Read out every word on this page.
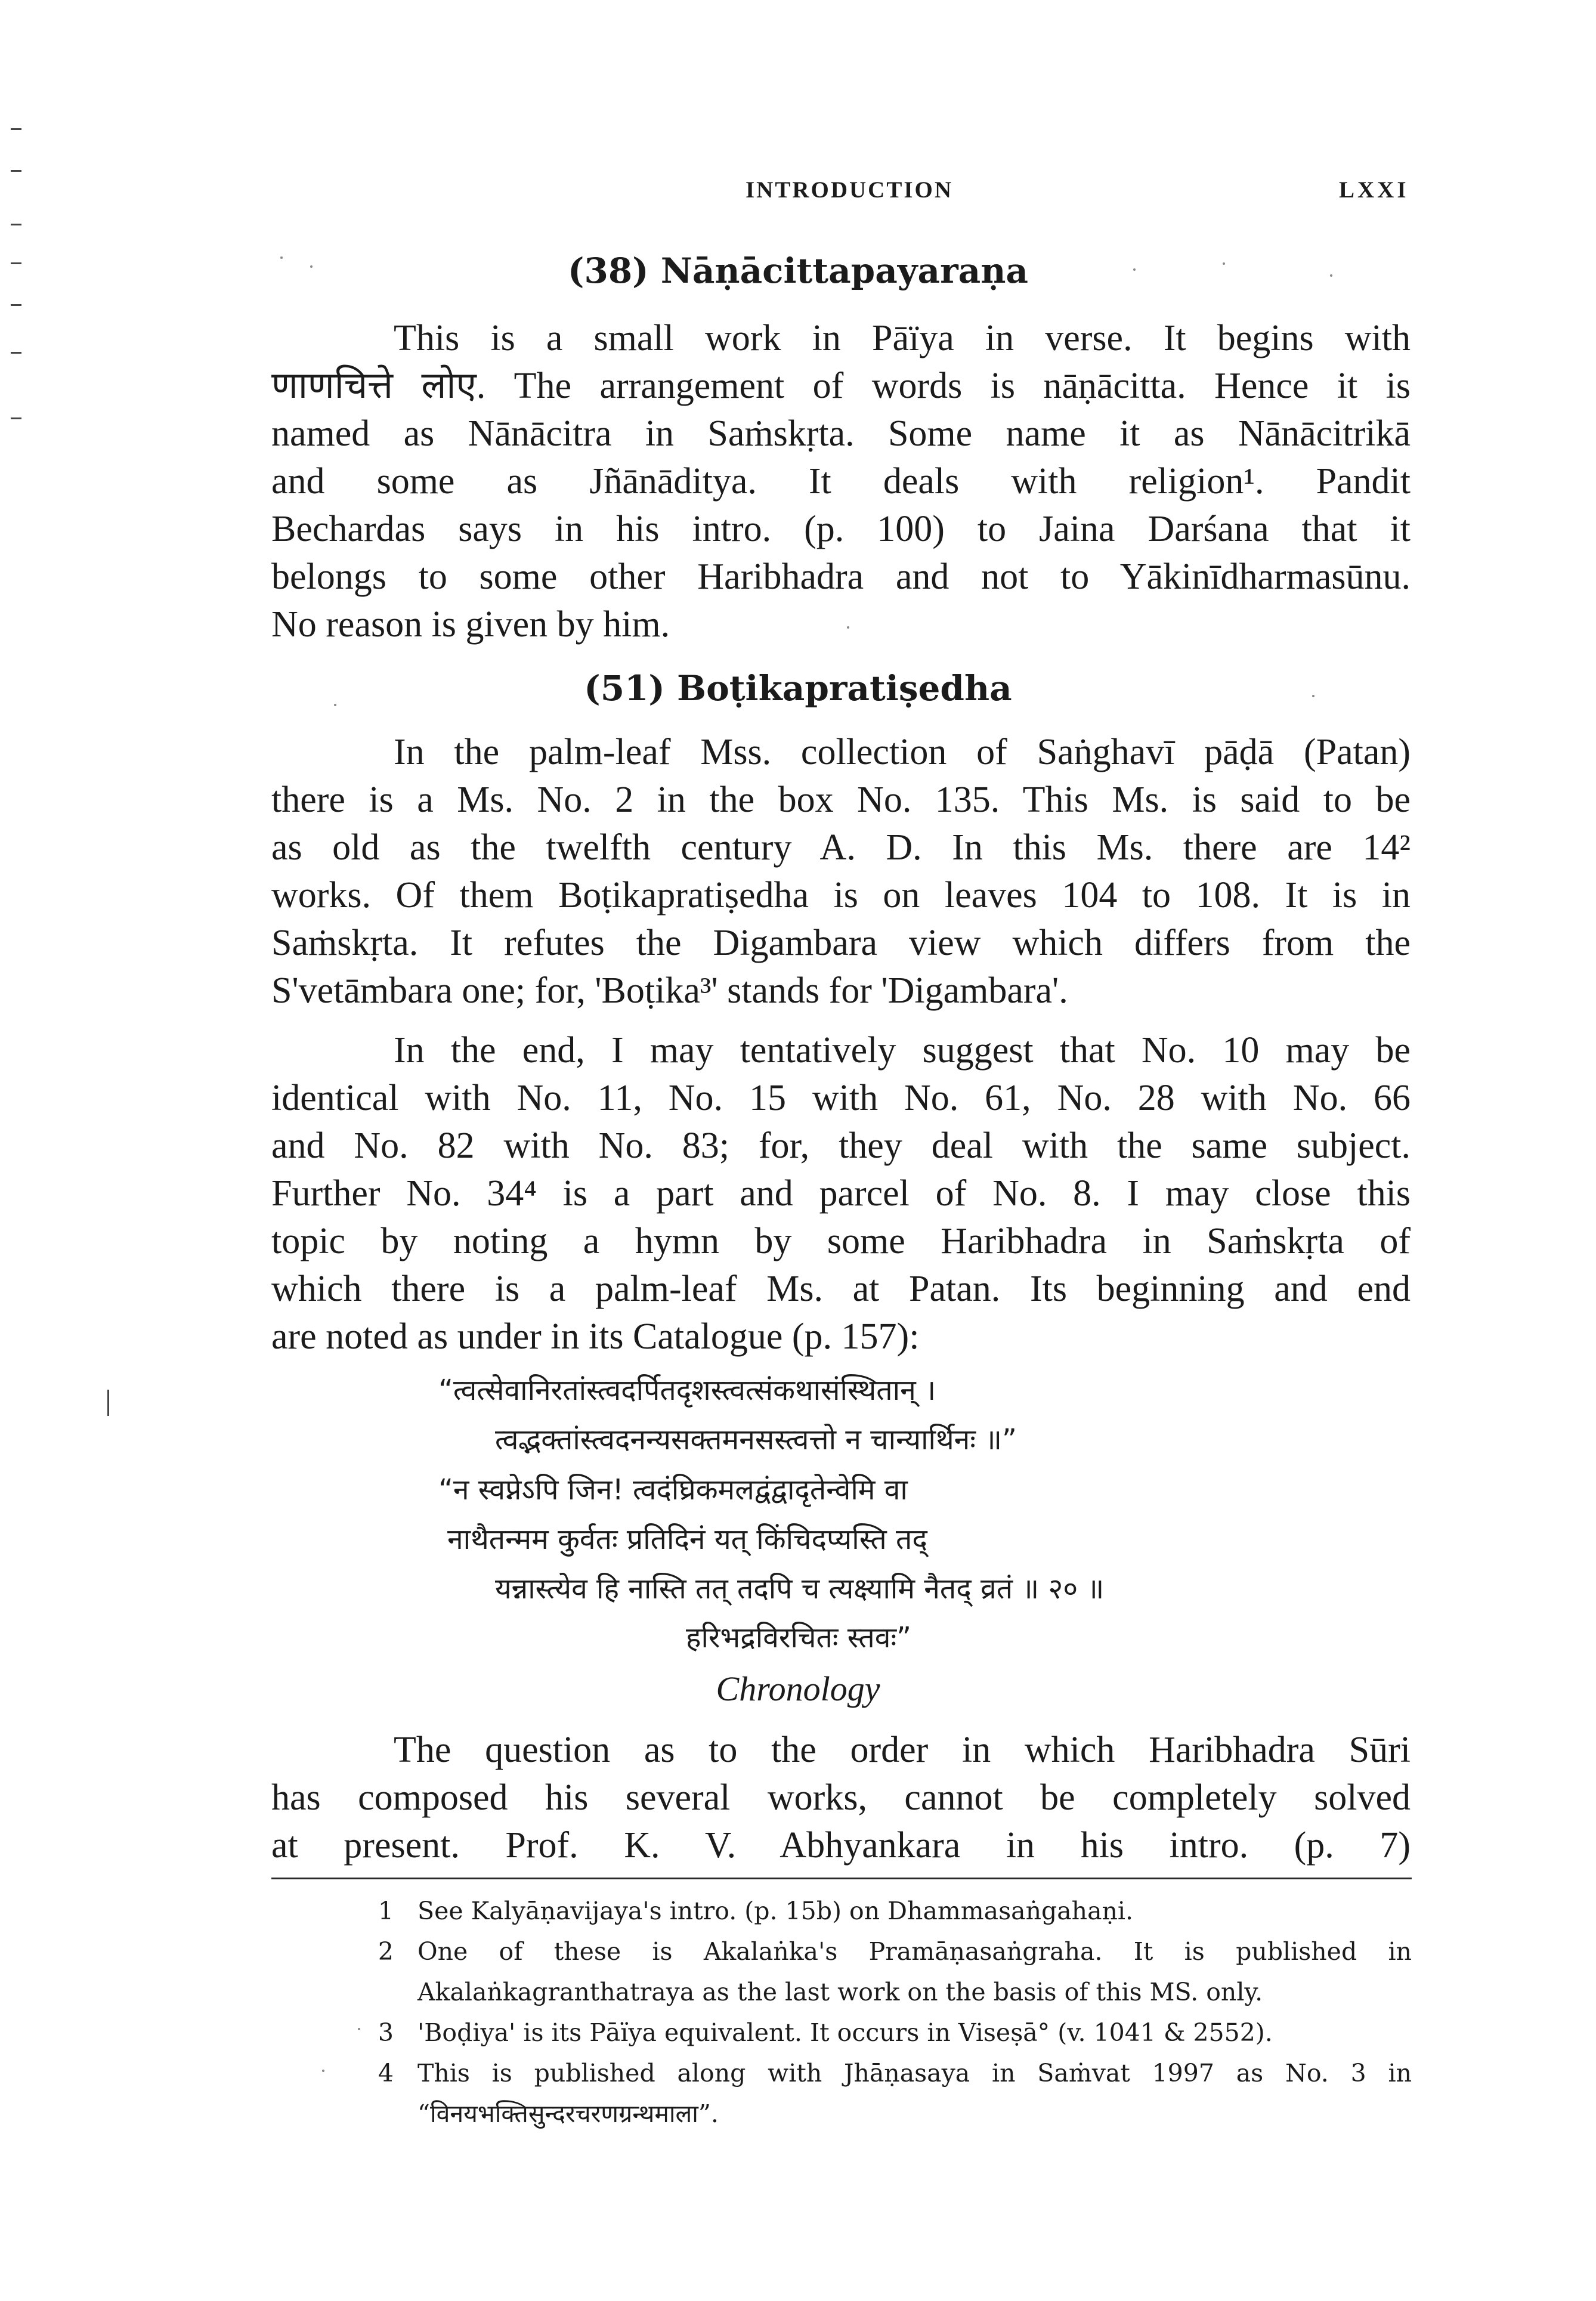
INTRODUCTION	LXXI
(38) Nāṇācittapayaraṇa
This is a small work in Pāïya in verse. It begins with
णाणचित्ते लोए. The arrangement of words is nāṇācitta. Hence it is
named as Nānācitra in Saṁskṛta. Some name it as Nānācitrikā
and some as Jñānāditya. It deals with religion¹. Pandit
Bechardas says in his intro. (p. 100) to Jaina Darśana that it
belongs to some other Haribhadra and not to Yākinīdharmasūnu.
No reason is given by him.
(51) Boṭikapratiṣedha
In the palm-leaf Mss. collection of Saṅghavī pāḍā (Patan)
there is a Ms. No. 2 in the box No. 135. This Ms. is said to be
as old as the twelfth century A. D. In this Ms. there are 14²
works. Of them Boṭikapratiṣedha is on leaves 104 to 108. It is in
Saṁskṛta. It refutes the Digambara view which differs from the
S'vetāmbara one; for, 'Boṭika³' stands for 'Digambara'.
In the end, I may tentatively suggest that No. 10 may be
identical with No. 11, No. 15 with No. 61, No. 28 with No. 66
and No. 82 with No. 83; for, they deal with the same subject.
Further No. 34⁴ is a part and parcel of No. 8. I may close this
topic by noting a hymn by some Haribhadra in Saṁskṛta of
which there is a palm-leaf Ms. at Patan. Its beginning and end
are noted as under in its Catalogue (p. 157):
“त्वत्सेवानिरतांस्त्वदर्पितदृशस्त्वत्संकथासंस्थितान् ।
त्वद्भक्तांस्त्वदनन्यसक्तमनसस्त्वत्तो न चान्यार्थिनः ॥”
“न स्वप्नेऽपि जिन! त्वदंघ्रिकमलद्वंद्वादृतेन्वेमि वा
नाथैतन्मम कुर्वतः प्रतिदिनं यत् किंचिदप्यस्ति तद्
यन्नास्त्येव हि नास्ति तत् तदपि च त्यक्ष्यामि नैतद् व्रतं ॥ २० ॥
हरिभद्रविरचितः स्तवः”
Chronology
The question as to the order in which Haribhadra Sūri
has composed his several works, cannot be completely solved
at present. Prof. K. V. Abhyankara in his intro. (p. 7)
1 See Kalyāṇavijaya's intro. (p. 15b) on Dhammasaṅgahaṇi.
2 One of these is Akalaṅka's Pramāṇasaṅgraha. It is published in
Akalaṅkagranthatraya as the last work on the basis of this MS. only.
3 'Boḍiya' is its Pāïya equivalent. It occurs in Viseṣā° (v. 1041 & 2552).
4 This is published along with Jhāṇasaya in Saṁvat 1997 as No. 3 in
“विनयभक्तिसुन्दरचरणग्रन्थमाला”.
